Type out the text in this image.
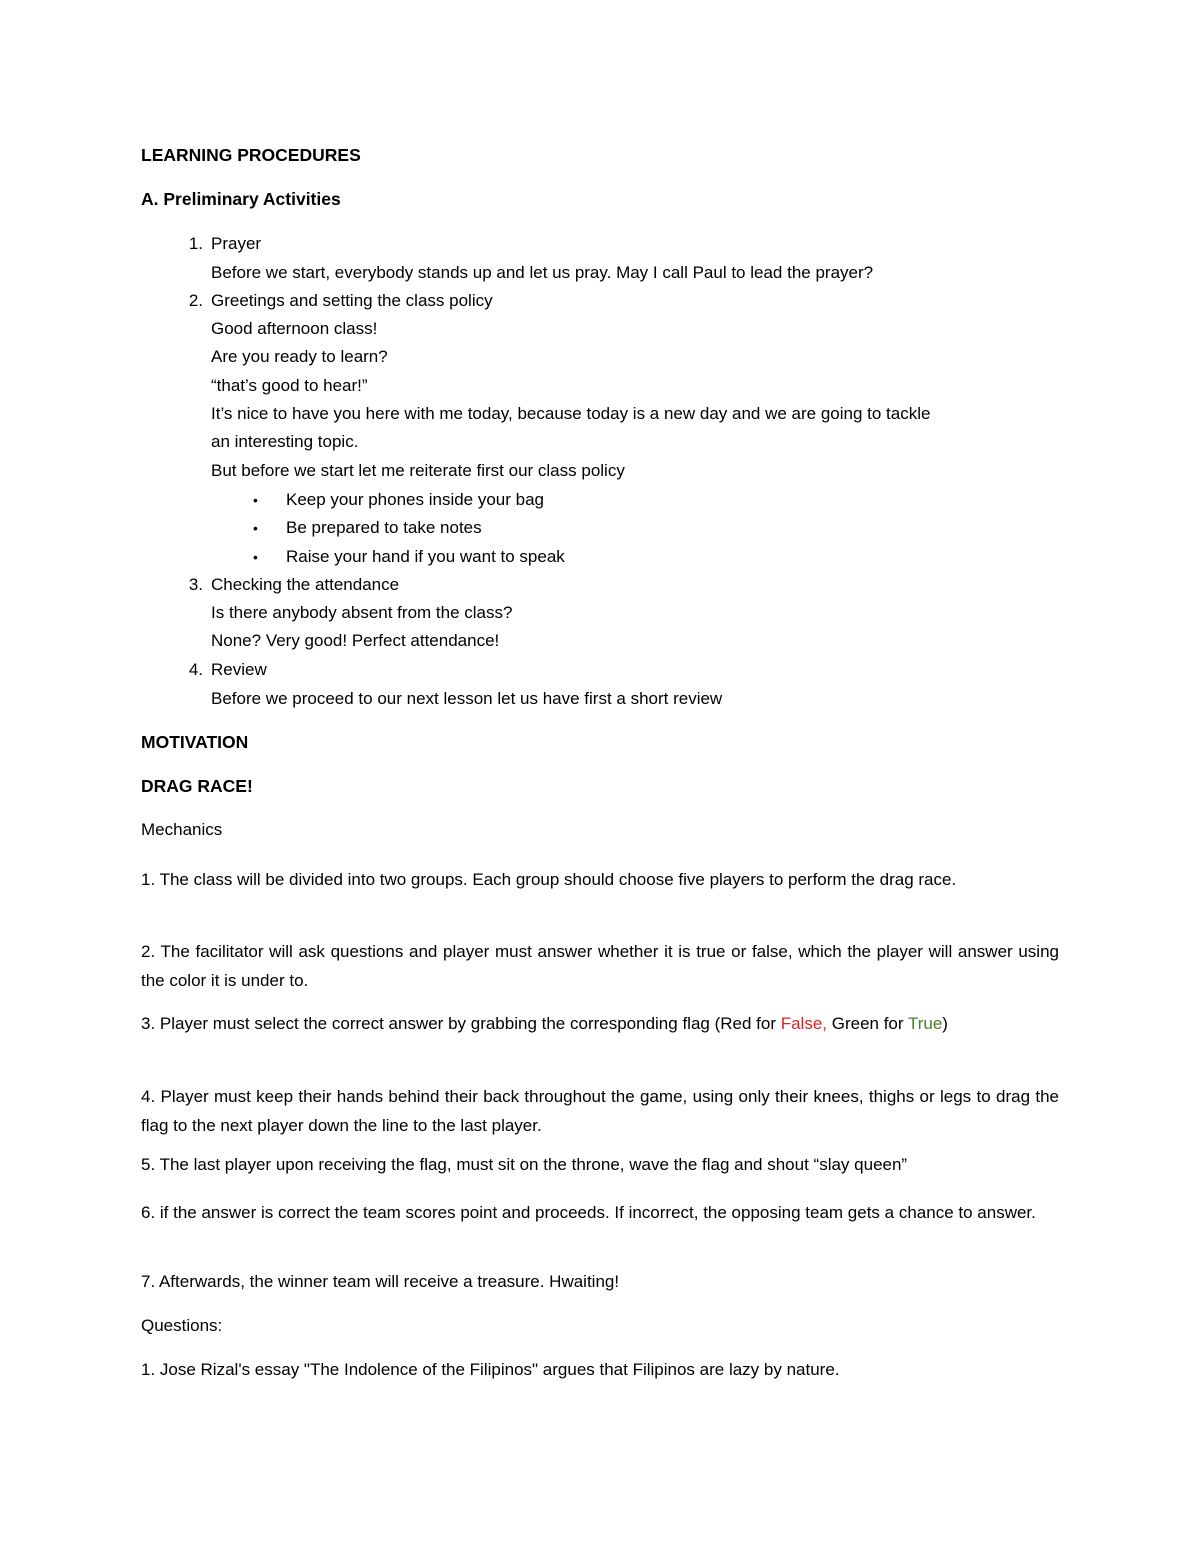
LEARNING PROCEDURES
A. Preliminary Activities
1. Prayer
Before we start, everybody stands up and let us pray. May I call Paul to lead the prayer?
2. Greetings and setting the class policy
Good afternoon class!
Are you ready to learn?
“that’s good to hear!”
It’s nice to have you here with me today, because today is a new day and we are going to tackle
an interesting topic.
But before we start let me reiterate first our class policy
• Keep your phones inside your bag
• Be prepared to take notes
• Raise your hand if you want to speak
3. Checking the attendance
Is there anybody absent from the class?
None? Very good! Perfect attendance!
4. Review
Before we proceed to our next lesson let us have first a short review
MOTIVATION
DRAG RACE!
Mechanics
1. The class will be divided into two groups. Each group should choose five players to perform the drag race.
2. The facilitator will ask questions and player must answer whether it is true or false, which the player will answer using the color it is under to.
3. Player must select the correct answer by grabbing the corresponding flag (Red for False, Green for True)
4. Player must keep their hands behind their back throughout the game, using only their knees, thighs or legs to drag the flag to the next player down the line to the last player.
5. The last player upon receiving the flag, must sit on the throne, wave the flag and shout “slay queen”
6. if the answer is correct the team scores point and proceeds. If incorrect, the opposing team gets a chance to answer.
7. Afterwards, the winner team will receive a treasure. Hwaiting!
Questions:
1. Jose Rizal's essay "The Indolence of the Filipinos" argues that Filipinos are lazy by nature.
